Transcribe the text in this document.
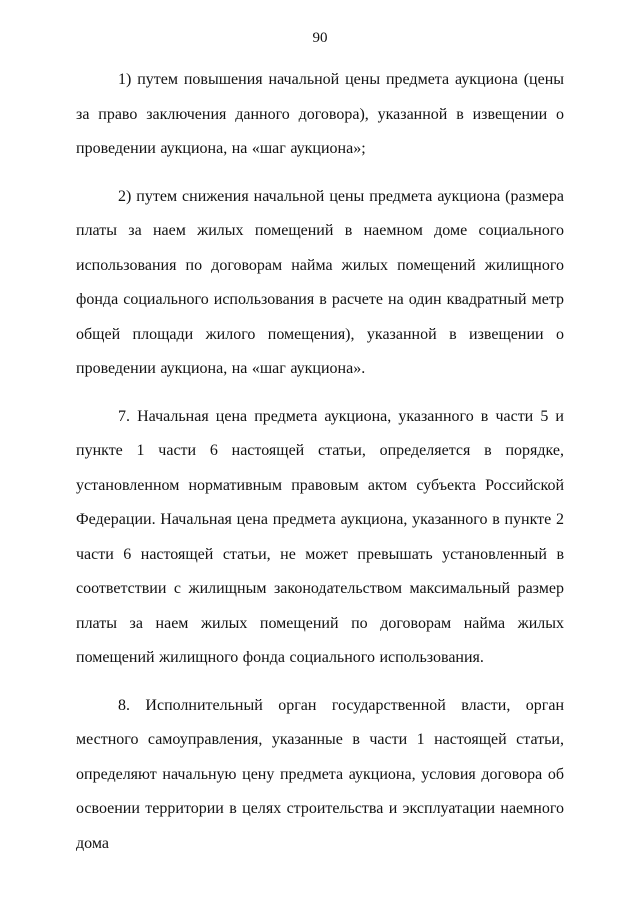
90

1) путем повышения начальной цены предмета аукциона (цены за право заключения данного договора), указанной в извещении о проведении аукциона, на «шаг аукциона»;

2) путем снижения начальной цены предмета аукциона (размера платы за наем жилых помещений в наемном доме социального использования по договорам найма жилых помещений жилищного фонда социального использования в расчете на один квадратный метр общей площади жилого помещения), указанной в извещении о проведении аукциона, на «шаг аукциона».

7. Начальная цена предмета аукциона, указанного в части 5 и пункте 1 части 6 настоящей статьи, определяется в порядке, установленном нормативным правовым актом субъекта Российской Федерации. Начальная цена предмета аукциона, указанного в пункте 2 части 6 настоящей статьи, не может превышать установленный в соответствии с жилищным законодательством максимальный размер платы за наем жилых помещений по договорам найма жилых помещений жилищного фонда социального использования.

8. Исполнительный орган государственной власти, орган местного самоуправления, указанные в части 1 настоящей статьи, определяют начальную цену предмета аукциона, условия договора об освоении территории в целях строительства и эксплуатации наемного дома
